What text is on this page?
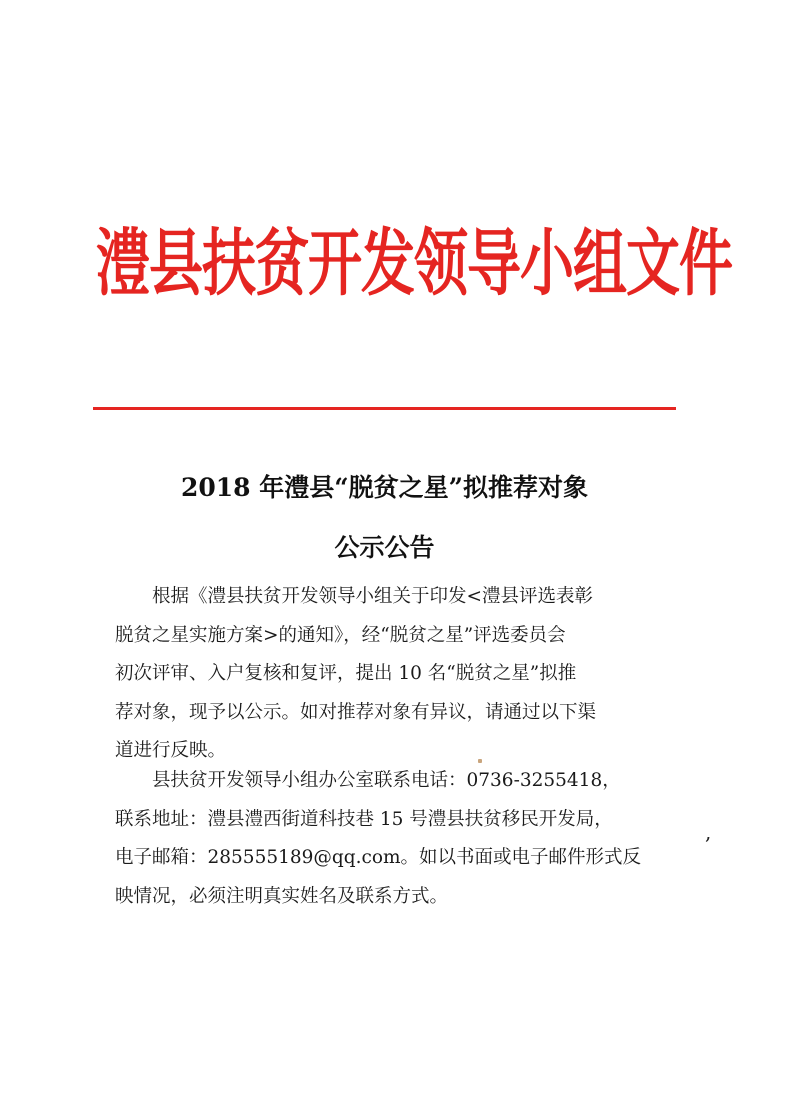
澧县扶贫开发领导小组文件
2018 年澧县“脱贫之星”拟推荐对象
公示公告
根据《澧县扶贫开发领导小组关于印发<澧县评选表彰
脱贫之星实施方案>的通知》，经“脱贫之星”评选委员会
初次评审、入户复核和复评，提出 10 名“脱贫之星”拟推
荐对象，现予以公示。如对推荐对象有异议，请通过以下渠
道进行反映。
县扶贫开发领导小组办公室联系电话：0736-3255418，
联系地址：澧县澧西街道科技巷 15 号澧县扶贫移民开发局，
电子邮箱：285555189@qq.com。如以书面或电子邮件形式反
映情况，必须注明真实姓名及联系方式。
,
